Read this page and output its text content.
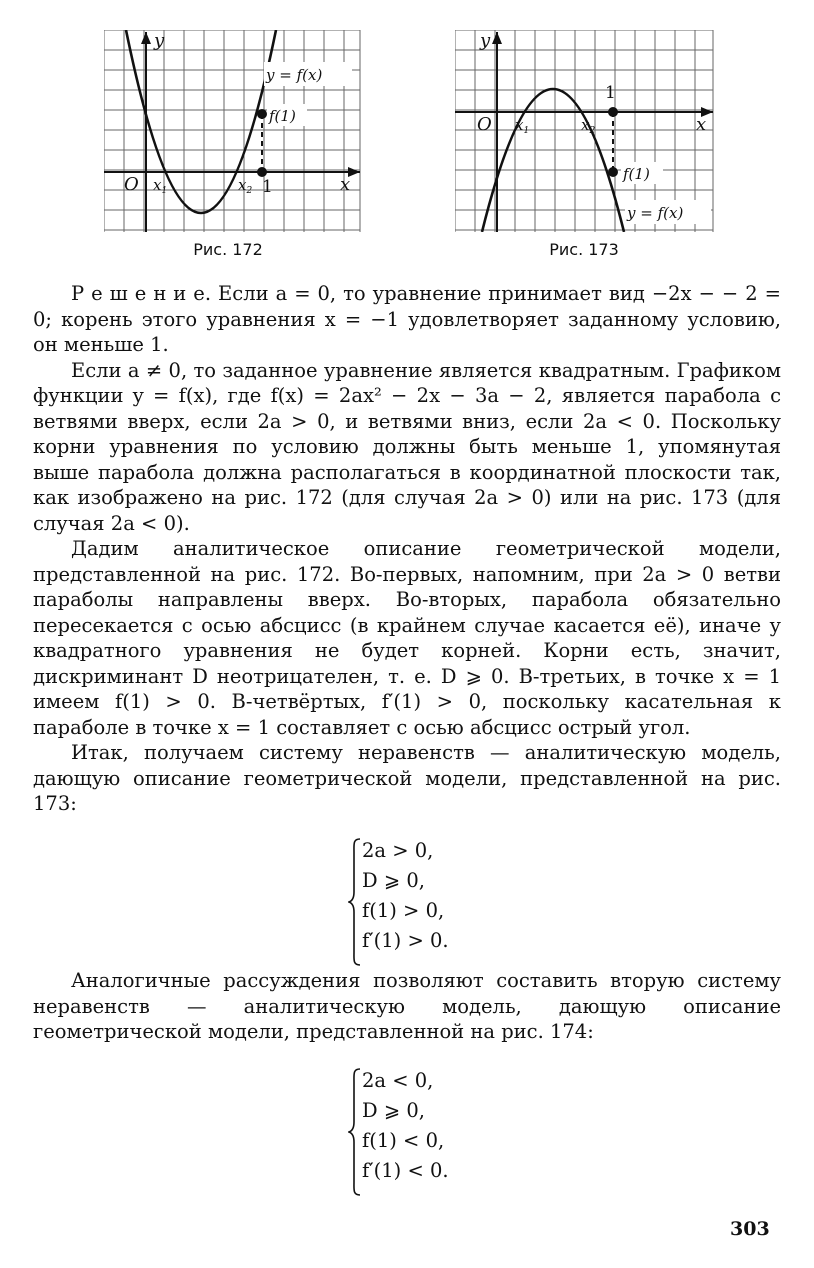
y
x
O $x_1$	$x_2$ 1
y = f(x)
f(1)
Рис. 172
y
x
O $x_1$	$x_2$
1
f(1)
y = f(x)
Рис. 173

Р е ш е н и е. Если a = 0, то уравнение принимает вид −2x − − 2 = 0; корень этого уравнения x = −1 удовлетворяет заданному условию, он меньше 1.

Если a ≠ 0, то заданное уравнение является квадратным. Графиком функции y = f(x), где f(x) = 2ax² − 2x − 3a − 2, является парабола с ветвями вверх, если 2a > 0, и ветвями вниз, если 2a < 0. Поскольку корни уравнения по условию должны быть меньше 1, упомянутая выше парабола должна располагаться в координатной плоскости так, как изображено на рис. 172 (для случая 2a > 0) или на рис. 173 (для случая 2a < 0).

Дадим аналитическое описание геометрической модели, представленной на рис. 172. Во-первых, напомним, при 2a > 0 ветви параболы направлены вверх. Во-вторых, парабола обязательно пересекается с осью абсцисс (в крайнем случае касается её), иначе у квадратного уравнения не будет корней. Корни есть, значит, дискриминант D неотрицателен, т. е. D ⩾ 0. В-третьих, в точке x = 1 имеем f(1) > 0. В-четвёртых, f′(1) > 0, поскольку касательная к параболе в точке x = 1 составляет с осью абсцисс острый угол.

Итак, получаем систему неравенств — аналитическую модель, дающую описание геометрической модели, представленной на рис. 173:

2a > 0,
D ⩾ 0,
f(1) > 0,
f′(1) > 0.

Аналогичные рассуждения позволяют составить вторую систему неравенств — аналитическую модель, дающую описание геометрической модели, представленной на рис. 174:

2a < 0,
D ⩾ 0,
f(1) < 0,
f′(1) < 0.
303
